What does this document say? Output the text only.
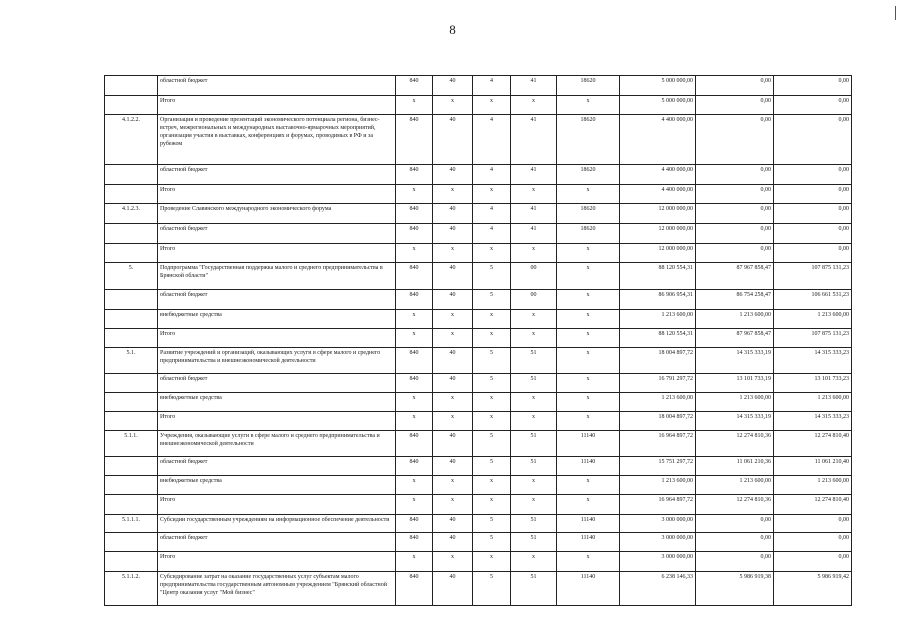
8
	областной бюджет	840	40	4	41	18620	5 000 000,00	0,00	0,00
	Итого	х	х	х	х	х	5 000 000,00	0,00	0,00
4.1.2.2.	Организация и проведение презентаций экономического потенциала региона, бизнес-встреч, межрегиональных и международных выставочно-ярмарочных мероприятий, организация участия в выставках, конференциях и форумах, проводимых в РФ и за рубежом	840	40	4	41	18620	4 400 000,00	0,00	0,00
	областной бюджет	840	40	4	41	18620	4 400 000,00	0,00	0,00
	Итого	х	х	х	х	х	4 400 000,00	0,00	0,00
4.1.2.3.	Проведение Славянского международного экономического форума	840	40	4	41	18620	12 000 000,00	0,00	0,00
	областной бюджет	840	40	4	41	18620	12 000 000,00	0,00	0,00
	Итого	х	х	х	х	х	12 000 000,00	0,00	0,00
5.	Подпрограмма "Государственная поддержка малого и среднего предпринимательства в Брянской области"	840	40	5	00	х	88 120 554,31	87 967 858,47	107 875 131,23
	областной бюджет	840	40	5	00	х	86 906 954,31	86 754 258,47	106 661 531,23
	внебюджетные средства	х	х	х	х	х	1 213 600,00	1 213 600,00	1 213 600,00
	Итого	х	х	х	х	х	88 120 554,31	87 967 858,47	107 875 131,23
5.1.	Развитие учреждений и организаций, оказывающих услуги в сфере малого и среднего предпринимательства и внешнеэкономической деятельности	840	40	5	51	х	18 004 897,72	14 315 333,19	14 315 333,23
	областной бюджет	840	40	5	51	х	16 791 297,72	13 101 733,19	13 101 733,23
	внебюджетные средства	х	х	х	х	х	1 213 600,00	1 213 600,00	1 213 600,00
	Итого	х	х	х	х	х	18 004 897,72	14 315 333,19	14 315 333,23
5.1.1.	Учреждения, оказывающие услуги в сфере малого и среднего предпринимательства и внешнеэкономической деятельности	840	40	5	51	11140	16 964 897,72	12 274 810,36	12 274 810,40
	областной бюджет	840	40	5	51	11140	15 751 297,72	11 061 210,36	11 061 210,40
	внебюджетные средства	х	х	х	х	х	1 213 600,00	1 213 600,00	1 213 600,00
	Итого	х	х	х	х	х	16 964 897,72	12 274 810,36	12 274 810,40
5.1.1.1.	Субсидии государственным учреждениям на информационное обеспечение деятельности	840	40	5	51	11140	3 000 000,00	0,00	0,00
	областной бюджет	840	40	5	51	11140	3 000 000,00	0,00	0,00
	Итого	х	х	х	х	х	3 000 000,00	0,00	0,00
5.1.1.2.	Субсидирование затрат на оказание государственных услуг субъектам малого предпринимательства государственным автономным учреждением "Брянский областной "Центр оказания услуг "Мой бизнес"	840	40	5	51	11140	6 238 146,33	5 986 919,38	5 986 919,42
